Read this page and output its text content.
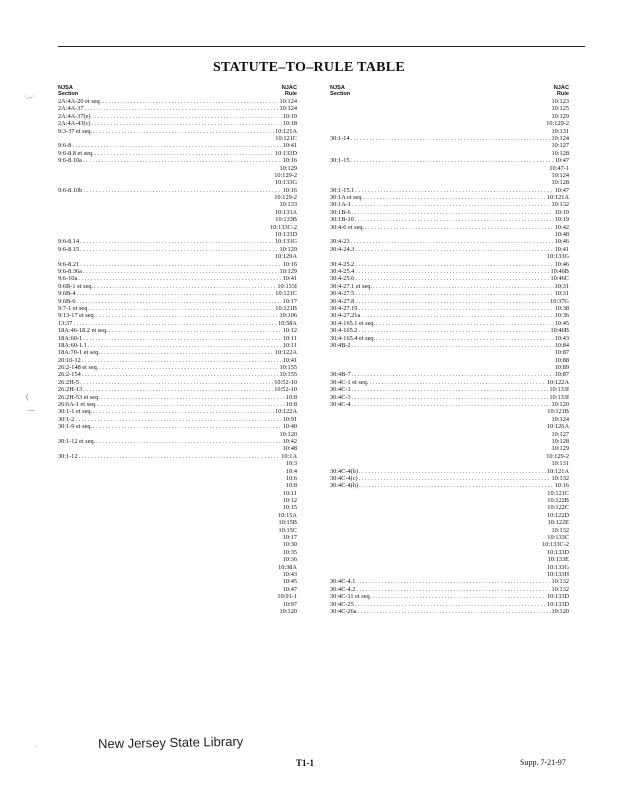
STATUTE–TO–RULE TABLE
NJSA
Section
NJAC
Rule
2A:4A-20 et seq. . . .	10:124
2A:4A-37 . . .	10:124
2A:4A-37(e) . . .	10:19
2A:4A-43(c) . . .	10:18
9:3-37 et seq. . . .	10:121A
10:121C
9:6-8 . . .	10:41
9:6-8.8 et seq. . . .	10:133D
9:6-8.10a . . .	10:16
10:129
10:129-2
10:133G
9:6-8.10b . . .	10:16
10:129-2
10:133
10:133A
10:133B
10:133C-2
10:133D
9:6-8.14 . . .	10:133G
9:6-8.15 . . .	10:129
10:129A
9:6-8.21 . . .	10:16
9:6-8.36a . . .	10:129
9:6-10a . . .	10:41
9:6B-1 et seq. . . .	10:133I
9:6B-4 . . .	10:121C
9:6B-6 . . .	10:17
9:7-1 et seq. . . .	10:121B
9:13-17 et seq. . . .	10:106
13:37 . . .	10:58A
18A:46-18.2 et seq. . . .	10:12
18A:60-1 . . .	10:11
18A:60-1.1 . . .	10:11
18A:70-1 et seq. . . .	10:122A
20:10-12 . . .	10:41
26:2-148 et seq. . . .	10:155
26:2-154 . . .	10:155
26:2H-5 . . .	10:52-10
26:2H-13 . . .	10:52-10
26:2H-53 et seq. . . .	10:8
26:6A-1 et seq. . . .	10:8
30:1-1 et seq. . . .	10:122A
30:1-2 . . .	10:91
30:1-9 et seq. . . .	10:40
10:120
30:1-12 et seq. . . .	10:42
10:48
30:1-12 . . .	10:1A
10:3
10:4
10:6
10:8
10:11
10:12
10:15
10:15A
10:15B
10:15C
10:17
10:30
10:35
10:36
10:38A
10:43
10:45
10:47
10:91-1
10:97
10:120
NJSA
Section
NJAC
Rule
10:123
10:125
10:129
10:129-2
10:131
30:1-14 . . .	10:124
10:127
10:128
30:1-15 . . .	10:47
10:47-1
10:124
10:128
30:1-15.1 . . .	10:47
30:1A et seq. . . .	10:121A
30:1A-1 . . .	10:132
30:1B-6 . . .	10:19
30:1B-10 . . .	10:19
30:4-6 et seq. . . .	10:42
10:48
30:4-23 . . .	10:46
30:4-24.3 . . .	10:41
10:133G
30:4-25.2 . . .	10:46
30:4-25.4 . . .	10:46B
30:4-25.6 . . .	10:46C
30:4-27.1 et seq. . . .	10:31
30:4-27.5 . . .	10:31
30:4-27.8 . . .	10:37G
30:4-27.19 . . .	10:38
30:4-27.21a . . .	10:36
30:4-165.1 et seq. . . .	10:45
30:4-165.2 . . .	10:46B
30:4-165.4 et seq. . . .	10:43
30:4B-2 . . .	10:84
10:87
10:88
10:89
30:4B-7 . . .	10:87
30:4C-1 et seq. . . .	10:122A
30:4C-1 . . .	10:133I
30:4C-3 . . .	10:133I
30:4C-4 . . .	10:120
10:121B
10:124
10:126A
10:127
10:128
10:129
10:129-2
10:131
30:4C-4(b) . . .	10:121A
30:4C-4(c) . . .	10:132
30:4C-4(h) . . .	10:16
10:121C
10:122B
10:122C
10:122D
10:122E
10:132
10:133C
10:133C-2
10:133D
10:133E
10:133G
10:133H
30:4C-4.1 . . .	10:132
30:4C-4.2 . . .	10:132
30:4C-11 et seq. . . .	10:133D
30:4C-25 . . .	10:133D
30:4C-26a . . .	10:120
New Jersey State Library
T1-1	Supp. 7-21-97
·.–·
(
‿
·
